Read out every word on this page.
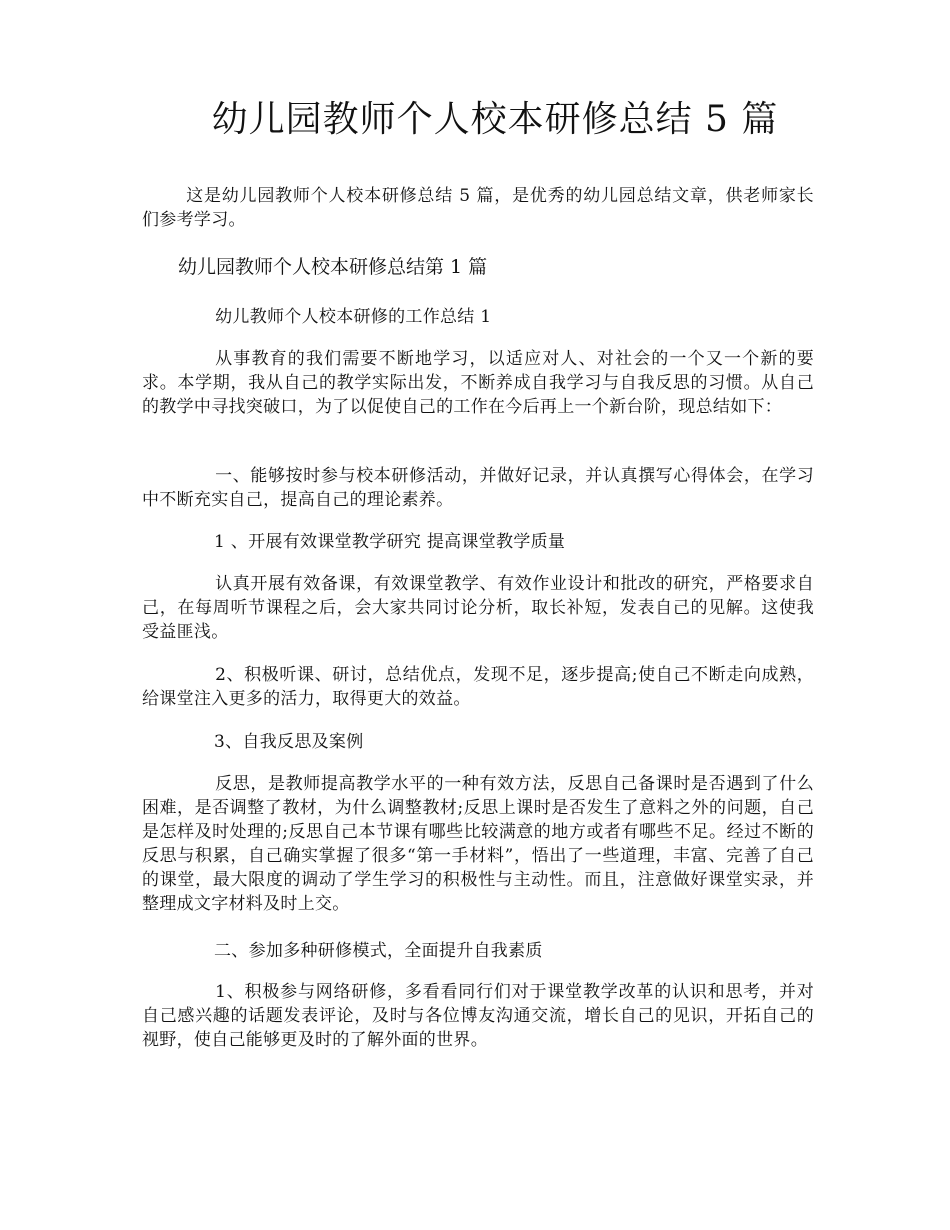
幼儿园教师个人校本研修总结 5 篇

这是幼儿园教师个人校本研修总结 5 篇，是优秀的幼儿园总结文章，供老师家长们参考学习。

幼儿园教师个人校本研修总结第 1 篇

幼儿教师个人校本研修的工作总结 1

从事教育的我们需要不断地学习，以适应对人、对社会的一个又一个新的要求。本学期，我从自己的教学实际出发，不断养成自我学习与自我反思的习惯。从自己的教学中寻找突破口，为了以促使自己的工作在今后再上一个新台阶，现总结如下：

一、能够按时参与校本研修活动，并做好记录，并认真撰写心得体会，在学习中不断充实自己，提高自己的理论素养。

1 、开展有效课堂教学研究 提高课堂教学质量

认真开展有效备课，有效课堂教学、有效作业设计和批改的研究，严格要求自己，在每周听节课程之后，会大家共同讨论分析，取长补短，发表自己的见解。这使我受益匪浅。

2、积极听课、研讨，总结优点，发现不足，逐步提高;使自己不断走向成熟，给课堂注入更多的活力，取得更大的效益。

3、自我反思及案例

反思，是教师提高教学水平的一种有效方法，反思自己备课时是否遇到了什么困难，是否调整了教材，为什么调整教材;反思上课时是否发生了意料之外的问题，自己是怎样及时处理的;反思自己本节课有哪些比较满意的地方或者有哪些不足。经过不断的反思与积累，自己确实掌握了很多“第一手材料”，悟出了一些道理，丰富、完善了自己的课堂，最大限度的调动了学生学习的积极性与主动性。而且，注意做好课堂实录，并整理成文字材料及时上交。

二、参加多种研修模式，全面提升自我素质

1、积极参与网络研修，多看看同行们对于课堂教学改革的认识和思考，并对自己感兴趣的话题发表评论，及时与各位博友沟通交流，增长自己的见识，开拓自己的视野，使自己能够更及时的了解外面的世界。
